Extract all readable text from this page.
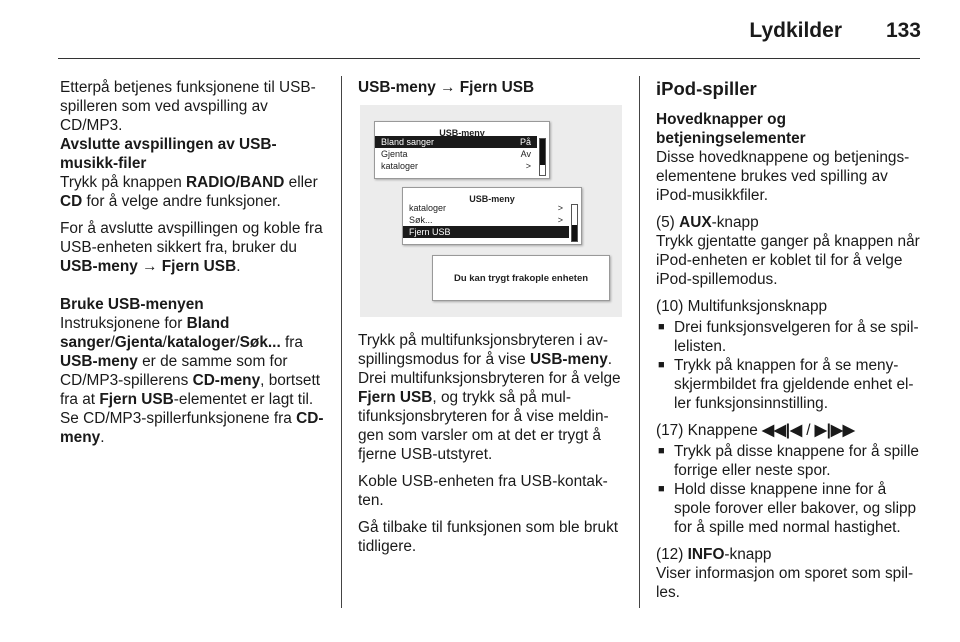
Lydkilder 133

Etterpå betjenes funksjonene til USB-spilleren som ved avspilling av CD/MP3.

Avslutte avspillingen av USB-musikk-filer

Trykk på knappen RADIO/BAND eller CD for å velge andre funksjoner.

For å avslutte avspillingen og koble fra USB-enheten sikkert fra, bruker du USB-meny → Fjern USB.

Bruke USB-menyen

Instruksjonene for Bland sanger/Gjenta/kataloger/Søk... fra USB-meny er de samme som for CD/MP3-spillerens CD-meny, bortsett fra at Fjern USB-elementet er lagt til. Se CD/MP3-spillerfunksjonene fra CD-meny.

USB-meny → Fjern USB
USB-meny
Bland sanger	På
Gjenta	Av
kataloger	>
USB-meny
kataloger	>
Søk...	>
Fjern USB
Du kan trygt frakople enheten

Trykk på multifunksjonsbryteren i av-spillingsmodus for å vise USB-meny. Drei multifunksjonsbryteren for å velge Fjern USB, og trykk så på mul-tifunksjonsbryteren for å vise meldin-gen som varsler om at det er trygt å fjerne USB-utstyret.

Koble USB-enheten fra USB-kontak-ten.

Gå tilbake til funksjonen som ble brukt tidligere.

iPod-spiller
Hovedknapper og betjeningselementer

Disse hovedknappene og betjenings-elementene brukes ved spilling av iPod-musikkfiler.

(5) AUX-knapp

Trykk gjentatte ganger på knappen når iPod-enheten er koblet til for å velge iPod-spillemodus.

(10) Multifunksjonsknapp

■ Drei funksjonsvelgeren for å se spil-lelisten.
■ Trykk på knappen for å se meny-skjermbildet fra gjeldende enhet el-ler funksjonsinnstilling.

(17) Knappene ◀◀|◀ / ▶|▶▶

■ Trykk på disse knappene for å spille forrige eller neste spor.
■ Hold disse knappene inne for å spole forover eller bakover, og slipp for å spille med normal hastighet.

(12) INFO-knapp

Viser informasjon om sporet som spil-les.
